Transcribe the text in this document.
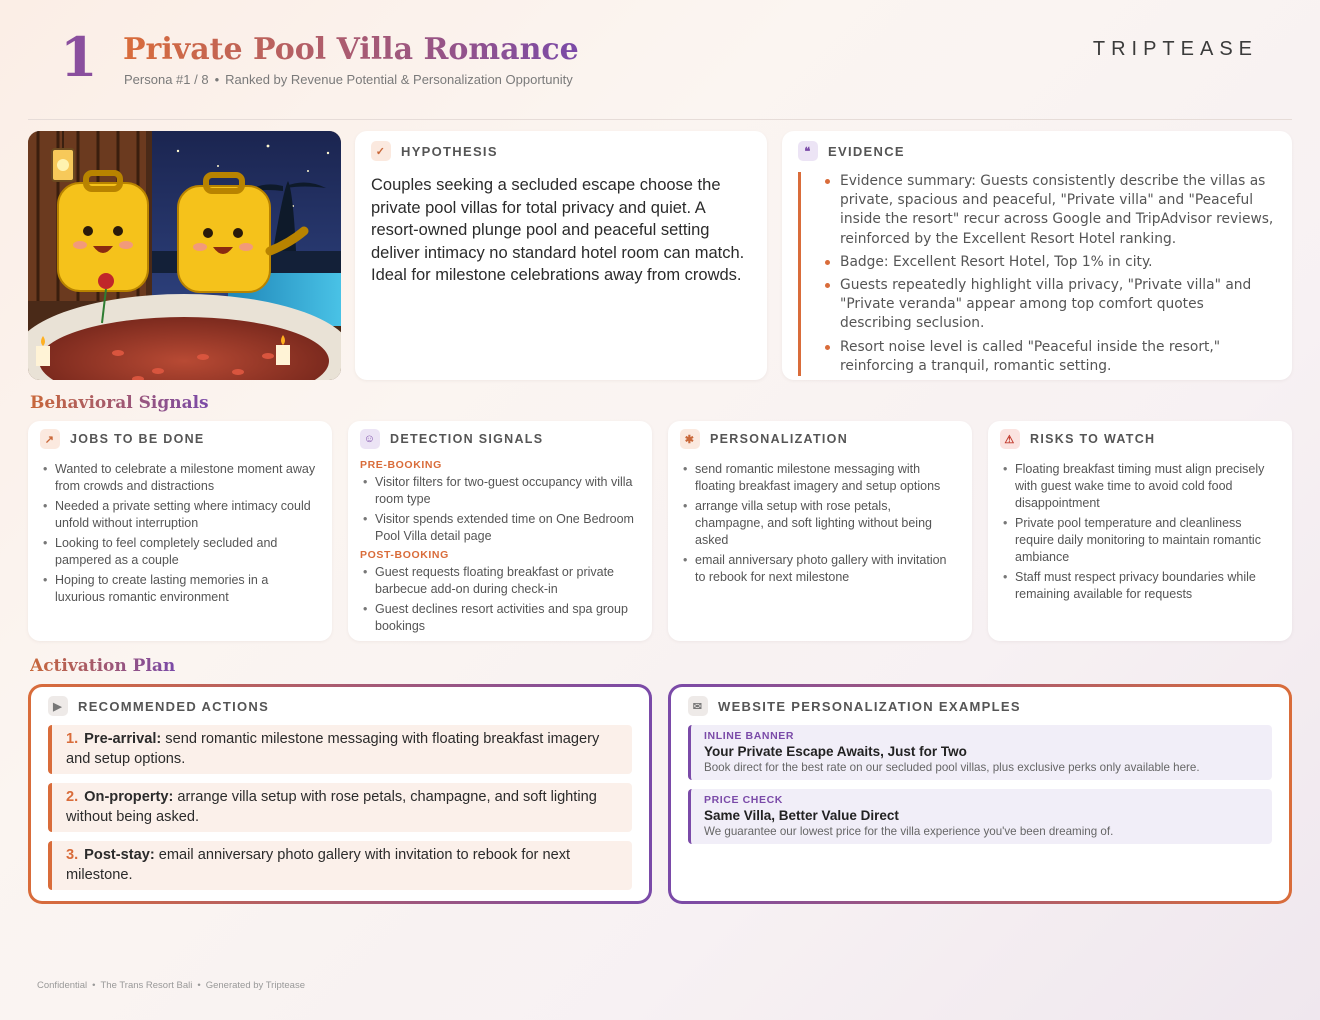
1 Private Pool Villa Romance
Persona #1 / 8 • Ranked by Revenue Potential & Personalization Opportunity
TRIPTEASE
✓	HYPOTHESIS
Couples seeking a secluded escape choose the private pool villas for total privacy and quiet. A resort-owned plunge pool and peaceful setting deliver intimacy no standard hotel room can match. Ideal for milestone celebrations away from crowds.
❝	EVIDENCE
Evidence summary: Guests consistently describe the villas as private, spacious and peaceful, "Private villa" and "Peaceful inside the resort" recur across Google and TripAdvisor reviews, reinforced by the Excellent Resort Hotel ranking.
Badge: Excellent Resort Hotel, Top 1% in city.
Guests repeatedly highlight villa privacy, "Private villa" and "Private veranda" appear among top comfort quotes describing seclusion.
Resort noise level is called "Peaceful inside the resort," reinforcing a tranquil, romantic setting.
Behavioral Signals
↗	JOBS TO BE DONE
• Wanted to celebrate a milestone moment away from crowds and distractions
• Needed a private setting where intimacy could unfold without interruption
• Looking to feel completely secluded and pampered as a couple
• Hoping to create lasting memories in a luxurious romantic environment
☺ DETECTION SIGNALS
PRE-BOOKING
• Visitor filters for two-guest occupancy with villa room type
• Visitor spends extended time on One Bedroom Pool Villa detail page
POST-BOOKING
• Guest requests floating breakfast or private barbecue add-on during check-in
• Guest declines resort activities and spa group bookings
✱	PERSONALIZATION
• send romantic milestone messaging with floating breakfast imagery and setup options
• arrange villa setup with rose petals, champagne, and soft lighting without being asked
• email anniversary photo gallery with invitation to rebook for next milestone
⚠	RISKS TO WATCH
• Floating breakfast timing must align precisely with guest wake time to avoid cold food disappointment
• Private pool temperature and cleanliness require daily monitoring to maintain romantic ambiance
• Staff must respect privacy boundaries while remaining available for requests
Activation Plan
▶	RECOMMENDED ACTIONS
1. Pre-arrival: send romantic milestone messaging with floating breakfast imagery and setup options.
2. On-property: arrange villa setup with rose petals, champagne, and soft lighting without being asked.
3. Post-stay: email anniversary photo gallery with invitation to rebook for next milestone.
✉	WEBSITE PERSONALIZATION EXAMPLES
INLINE BANNER
Your Private Escape Awaits, Just for Two
Book direct for the best rate on our secluded pool villas, plus exclusive perks only available here.
PRICE CHECK
Same Villa, Better Value Direct
We guarantee our lowest price for the villa experience you've been dreaming of.
Confidential • The Trans Resort Bali • Generated by Triptease
